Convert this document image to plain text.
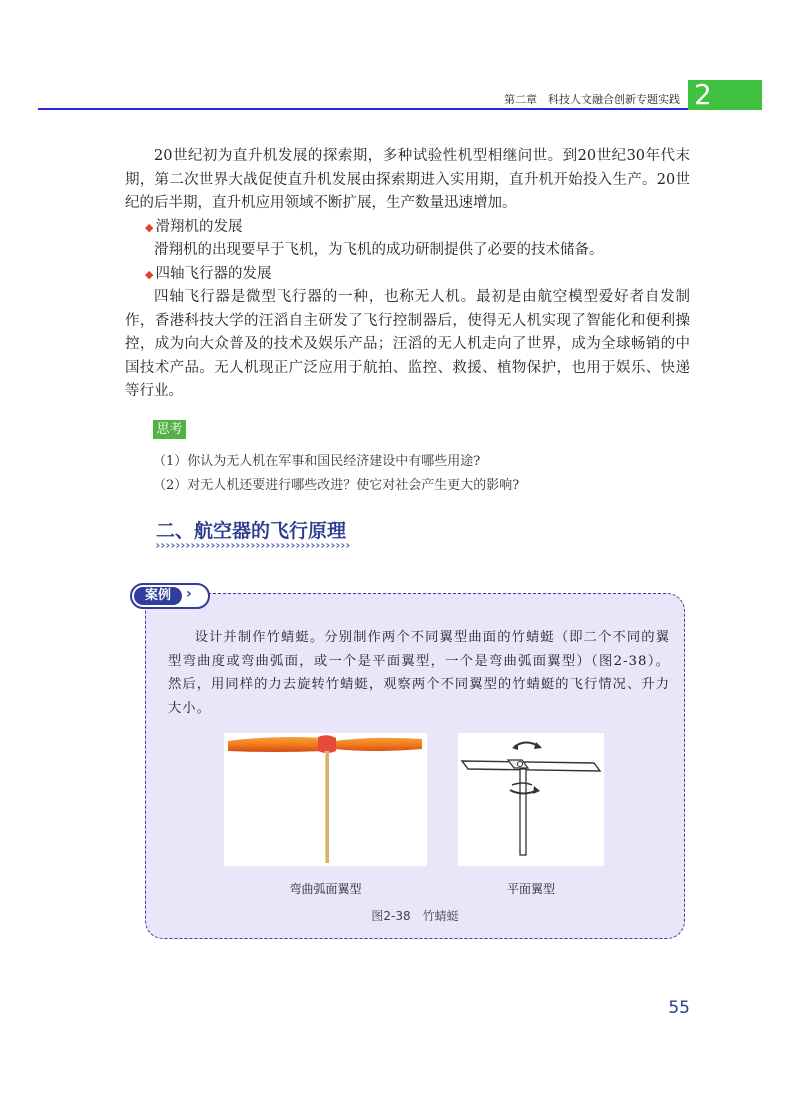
第二章　科技人文融合创新专题实践 2

20世纪初为直升机发展的探索期，多种试验性机型相继问世。到20世纪30年代末期，第二次世界大战促使直升机发展由探索期进入实用期，直升机开始投入生产。20世纪的后半期，直升机应用领域不断扩展，生产数量迅速增加。

◆ 滑翔机的发展

滑翔机的出现要早于飞机，为飞机的成功研制提供了必要的技术储备。

◆ 四轴飞行器的发展

四轴飞行器是微型飞行器的一种，也称无人机。最初是由航空模型爱好者自发制作，香港科技大学的汪滔自主研发了飞行控制器后，使得无人机实现了智能化和便利操控，成为向大众普及的技术及娱乐产品；汪滔的无人机走向了世界，成为全球畅销的中国技术产品。无人机现正广泛应用于航拍、监控、救援、植物保护，也用于娱乐、快递等行业。

思考
（1）你认为无人机在军事和国民经济建设中有哪些用途?
（2）对无人机还要进行哪些改进？使它对社会产生更大的影响?
二、航空器的飞行原理
案例	›

设计并制作竹蜻蜓。分别制作两个不同翼型曲面的竹蜻蜓（即二个不同的翼型弯曲度或弯曲弧面，或一个是平面翼型，一个是弯曲弧面翼型）（图2-38）。然后，用同样的力去旋转竹蜻蜓，观察两个不同翼型的竹蜻蜓的飞行情况、升力大小。

弯曲弧面翼型	平面翼型
图2-38　竹蜻蜓
55
